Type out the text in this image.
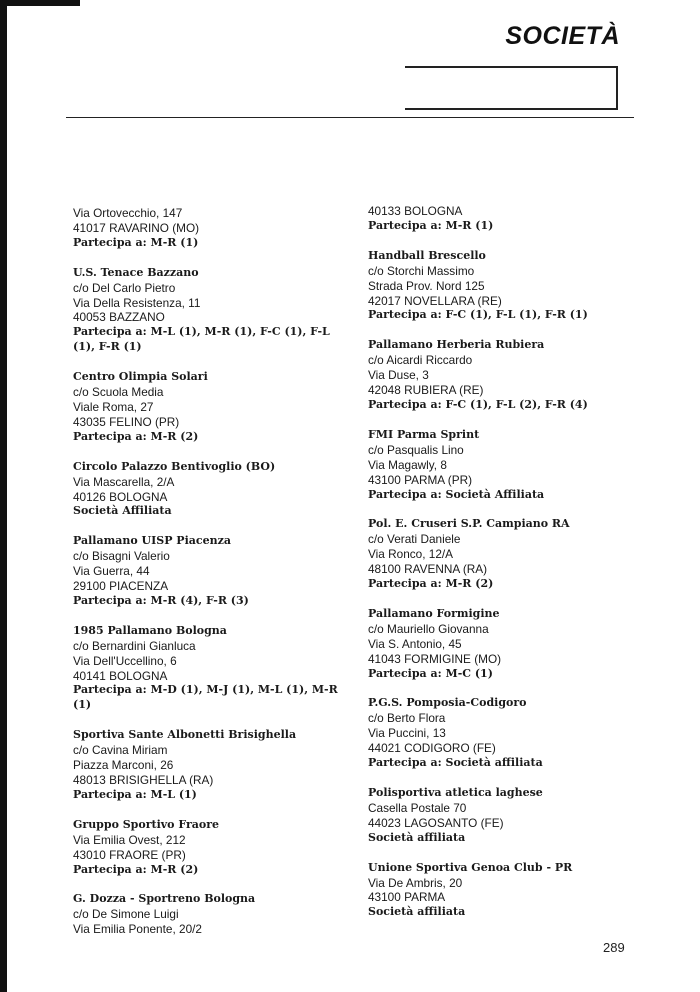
SOCIETÀ
Via Ortovecchio, 147
41017 RAVARINO (MO)
Partecipa a: M-R (1)
U.S. Tenace Bazzano
c/o Del Carlo Pietro
Via Della Resistenza, 11
40053 BAZZANO
Partecipa a: M-L (1), M-R (1), F-C (1), F-L (1), F-R (1)
Centro Olimpia Solari
c/o Scuola Media
Viale Roma, 27
43035 FELINO (PR)
Partecipa a: M-R (2)
Circolo Palazzo Bentivoglio (BO)
Via Mascarella, 2/A
40126 BOLOGNA
Società Affiliata
Pallamano UISP Piacenza
c/o Bisagni Valerio
Via Guerra, 44
29100 PIACENZA
Partecipa a: M-R (4), F-R (3)
1985 Pallamano Bologna
c/o Bernardini Gianluca
Via Dell'Uccellino, 6
40141 BOLOGNA
Partecipa a: M-D (1), M-J (1), M-L (1), M-R (1)
Sportiva Sante Albonetti Brisighella
c/o Cavina Miriam
Piazza Marconi, 26
48013 BRISIGHELLA (RA)
Partecipa a: M-L (1)
Gruppo Sportivo Fraore
Via Emilia Ovest, 212
43010 FRAORE (PR)
Partecipa a: M-R (2)
G. Dozza - Sportreno Bologna
c/o De Simone Luigi
Via Emilia Ponente, 20/2
40133 BOLOGNA
Partecipa a: M-R (1)
Handball Brescello
c/o Storchi Massimo
Strada Prov. Nord 125
42017 NOVELLARA (RE)
Partecipa a: F-C (1), F-L (1), F-R (1)
Pallamano Herberia Rubiera
c/o Aicardi Riccardo
Via Duse, 3
42048 RUBIERA (RE)
Partecipa a: F-C (1), F-L (2), F-R (4)
FMI Parma Sprint
c/o Pasqualis Lino
Via Magawly, 8
43100 PARMA (PR)
Partecipa a: Società Affiliata
Pol. E. Cruseri S.P. Campiano RA
c/o Verati Daniele
Via Ronco, 12/A
48100 RAVENNA (RA)
Partecipa a: M-R (2)
Pallamano Formigine
c/o Mauriello Giovanna
Via S. Antonio, 45
41043 FORMIGINE (MO)
Partecipa a: M-C (1)
P.G.S. Pomposia-Codigoro
c/o Berto Flora
Via Puccini, 13
44021 CODIGORO (FE)
Partecipa a: Società affiliata
Polisportiva atletica laghese
Casella Postale 70
44023 LAGOSANTO (FE)
Società affiliata
Unione Sportiva Genoa Club - PR
Via De Ambris, 20
43100 PARMA
Società affiliata
289
